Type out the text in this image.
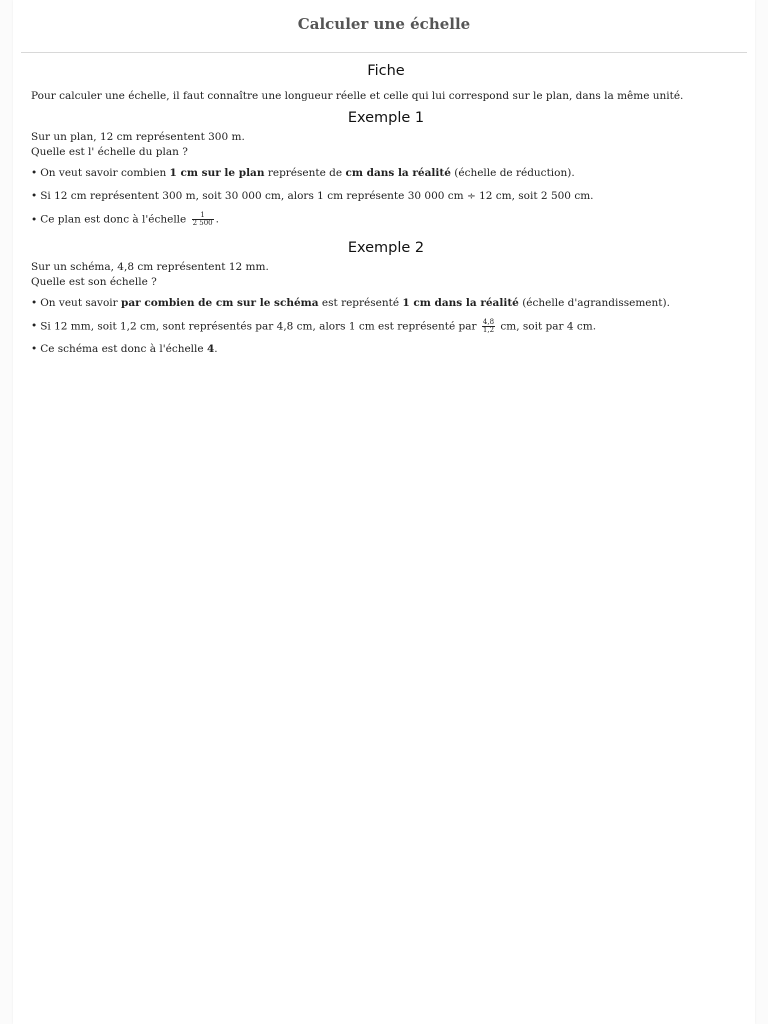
Calculer une échelle
Fiche

Pour calculer une échelle, il faut connaître une longueur réelle et celle qui lui correspond sur le plan, dans la même unité.

Exemple 1

Sur un plan, 12 cm représentent 300 m.

Quelle est l' échelle du plan ?

• On veut savoir combien 1 cm sur le plan représente de cm dans la réalité (échelle de réduction).

• Si 12 cm représentent 300 m, soit 30 000 cm, alors 1 cm représente 30 000 cm ÷ 12 cm, soit 2 500 cm.

• Ce plan est donc à l'échelle $\frac{1}{2 500}$ .

Exemple 2

Sur un schéma, 4,8 cm représentent 12 mm.

Quelle est son échelle ?

• On veut savoir par combien de cm sur le schéma est représenté 1 cm dans la réalité (échelle d'agrandissement).

• Si 12 mm, soit 1,2 cm, sont représentés par 4,8 cm, alors 1 cm est représenté par $\frac{4,8}{1,2}$ cm, soit par 4 cm.

• Ce schéma est donc à l'échelle 4.
